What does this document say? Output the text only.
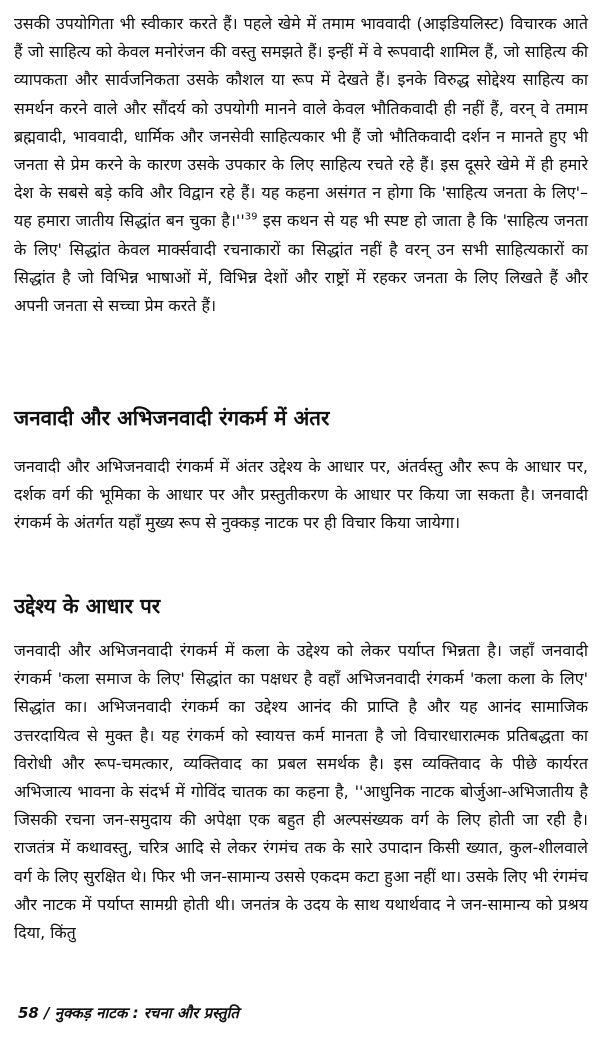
उसकी उपयोगिता भी स्वीकार करते हैं। पहले खेमे में तमाम भाववादी (आइडियलिस्ट) विचारक आते हैं जो साहित्य को केवल मनोरंजन की वस्तु समझते हैं। इन्हीं में वे रूपवादी शामिल हैं, जो साहित्य की व्यापकता और सार्वजनिकता उसके कौशल या रूप में देखते हैं। इनके विरुद्ध सोद्देश्य साहित्य का समर्थन करने वाले और सौंदर्य को उपयोगी मानने वाले केवल भौतिकवादी ही नहीं हैं, वरन् वे तमाम ब्रह्मवादी, भाववादी, धार्मिक और जनसेवी साहित्यकार भी हैं जो भौतिकवादी दर्शन न मानते हुए भी जनता से प्रेम करने के कारण उसके उपकार के लिए साहित्य रचते रहे हैं। इस दूसरे खेमे में ही हमारे देश के सबसे बड़े कवि और विद्वान रहे हैं। यह कहना असंगत न होगा कि 'साहित्य जनता के लिए'–यह हमारा जातीय सिद्धांत बन चुका $है।''^{39}$ इस कथन से यह भी स्पष्ट हो जाता है कि 'साहित्य जनता के लिए' सिद्धांत केवल मार्क्सवादी रचनाकारों का सिद्धांत नहीं है वरन् उन सभी साहित्यकारों का सिद्धांत है जो विभिन्न भाषाओं में, विभिन्न देशों और राष्ट्रों में रहकर जनता के लिए लिखते हैं और अपनी जनता से सच्चा प्रेम करते हैं।

जनवादी और अभिजनवादी रंगकर्म में अंतर

जनवादी और अभिजनवादी रंगकर्म में अंतर उद्देश्य के आधार पर, अंतर्वस्तु और रूप के आधार पर, दर्शक वर्ग की भूमिका के आधार पर और प्रस्तुतीकरण के आधार पर किया जा सकता है। जनवादी रंगकर्म के अंतर्गत यहाँ मुख्य रूप से नुक्कड़ नाटक पर ही विचार किया जायेगा।

उद्देश्य के आधार पर

जनवादी और अभिजनवादी रंगकर्म में कला के उद्देश्य को लेकर पर्याप्त भिन्नता है। जहाँ जनवादी रंगकर्म 'कला समाज के लिए' सिद्धांत का पक्षधर है वहाँ अभिजनवादी रंगकर्म 'कला कला के लिए' सिद्धांत का। अभिजनवादी रंगकर्म का उद्देश्य आनंद की प्राप्ति है और यह आनंद सामाजिक उत्तरदायित्व से मुक्त है। यह रंगकर्म को स्वायत्त कर्म मानता है जो विचारधारात्मक प्रतिबद्धता का विरोधी और रूप-चमत्कार, व्यक्तिवाद का प्रबल समर्थक है। इस व्यक्तिवाद के पीछे कार्यरत अभिजात्य भावना के संदर्भ में गोविंद चातक का कहना है, ''आधुनिक नाटक बोर्जुआ-अभिजातीय है जिसकी रचना जन-समुदाय की अपेक्षा एक बहुत ही अल्पसंख्यक वर्ग के लिए होती जा रही है। राजतंत्र में कथावस्तु, चरित्र आदि से लेकर रंगमंच तक के सारे उपादान किसी ख्यात, कुल-शीलवाले वर्ग के लिए सुरक्षित थे। फिर भी जन-सामान्य उससे एकदम कटा हुआ नहीं था। उसके लिए भी रंगमंच और नाटक में पर्याप्त सामग्री होती थी। जनतंत्र के उदय के साथ यथार्थवाद ने जन-सामान्य को प्रश्रय दिया, किंतु

58 / नुक्कड़ नाटक : रचना और प्रस्तुति
